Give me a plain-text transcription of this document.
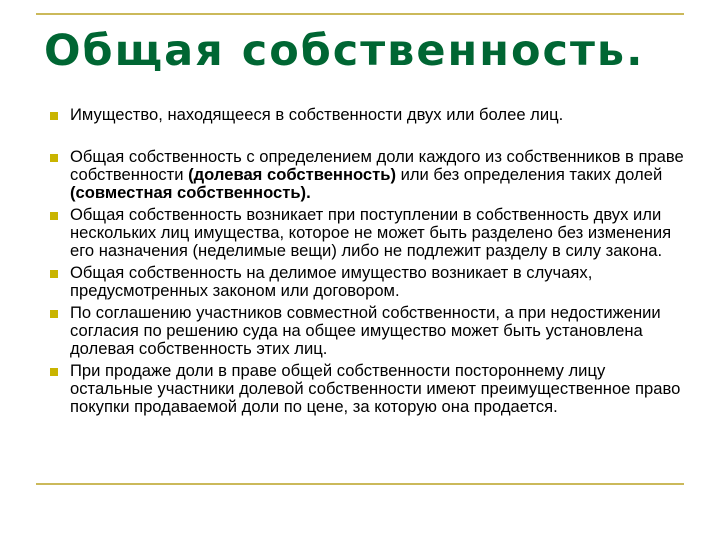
Общая собственность.
Имущество, находящееся в собственности двух или более лиц.
Общая собственность с определением доли каждого из собственников в праве собственности (долевая собственность) или без определения таких долей (совместная собственность).
Общая собственность возникает при поступлении в собственность двух или нескольких лиц имущества, которое не может быть разделено без изменения его назначения (неделимые вещи) либо не подлежит разделу в силу закона.
Общая собственность на делимое имущество возникает в случаях, предусмотренных законом или договором.
По соглашению участников совместной собственности, а при недостижении согласия по решению суда на общее имущество может быть установлена долевая собственность этих лиц.
При продаже доли в праве общей собственности постороннему лицу остальные участники долевой собственности имеют преимущественное право покупки продаваемой доли по цене, за которую она продается.
